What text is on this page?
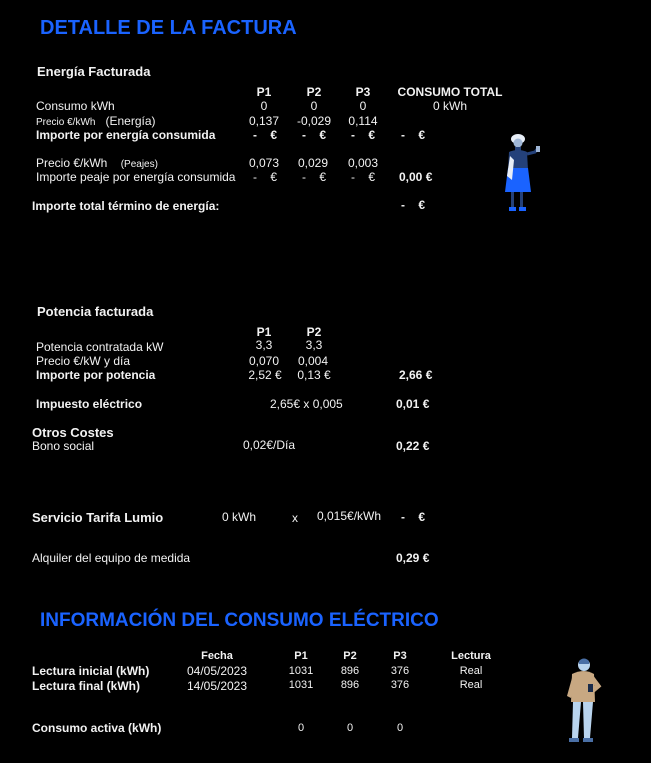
DETALLE DE LA FACTURA
Energía Facturada
P1	P2	P3	CONSUMO TOTAL
Consumo kWh	0	0	0	0 kWh
Precio €/kWh (Energía)	0,137	-0,029	0,114
Importe por energía consumida	-    € -    € -    € -    €
Precio €/kWh (Peajes)	0,073	0,029	0,003
Importe peaje por energía consumida -    € -    € -    € 0,00 €
Importe total término de energía:	-    €
Potencia facturada
P1	P2
Potencia contratada kW	3,3	3,3
Precio €/kW y día	0,070	0,004
Importe por potencia	2,52 €	0,13 €	2,66 €
Impuesto eléctrico	2,65€ x 0,005	0,01 €
Otros Costes
Bono social	0,02€/Día	0,22 €
Servicio Tarifa Lumio	0 kWh	x 0,015€/kWh -    €
Alquiler del equipo de medida	0,29 €
INFORMACIÓN DEL CONSUMO ELÉCTRICO
Fecha	P1	P2	P3	Lectura
Lectura inicial (kWh)	04/05/2023	1031	896	376	Real
Lectura final (kWh)	14/05/2023	1031	896	376	Real
Consumo activa (kWh)	0	0	0
